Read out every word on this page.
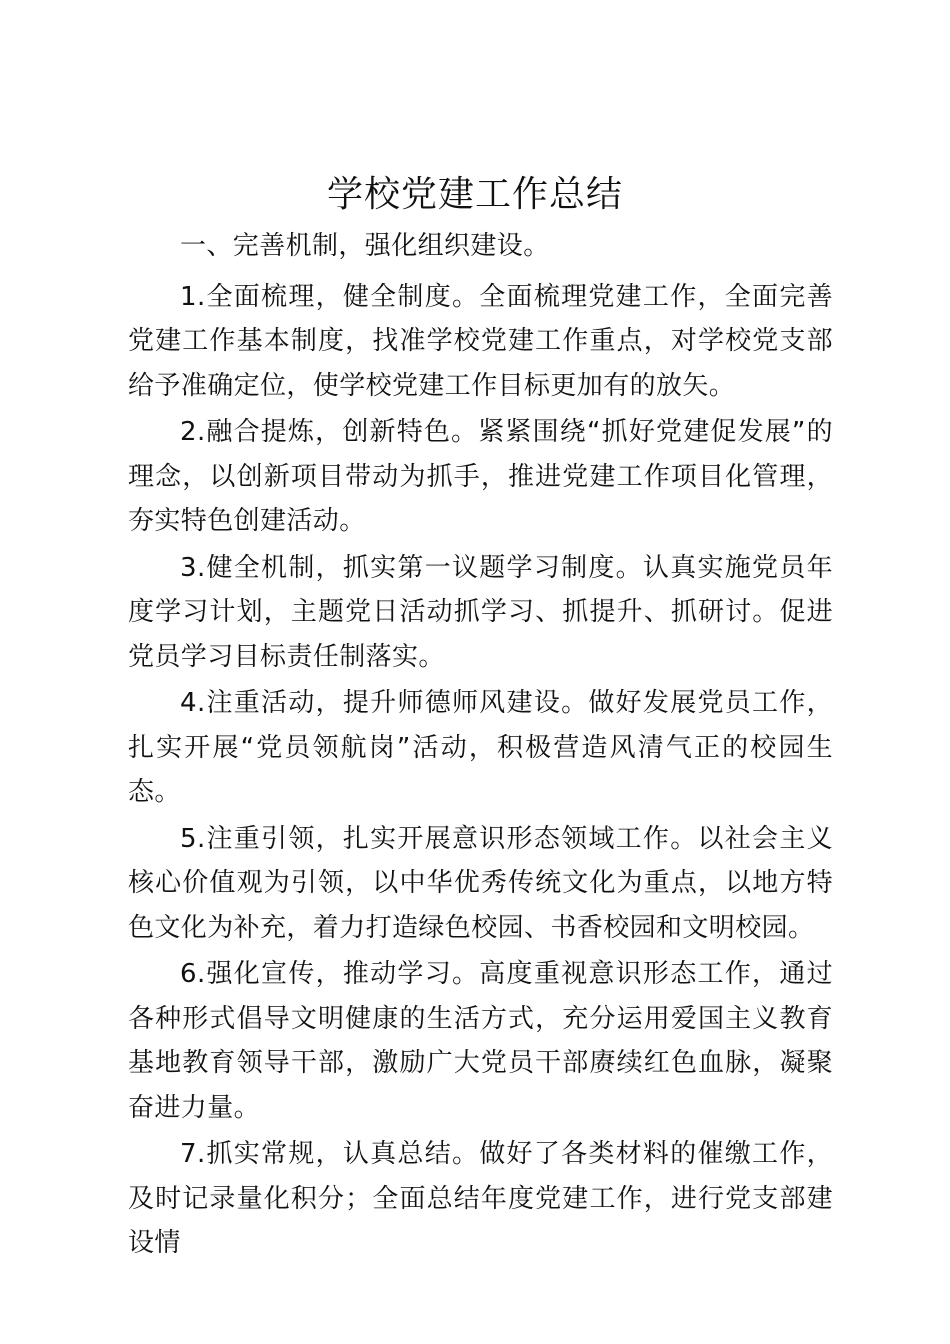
学校党建工作总结

一、完善机制，强化组织建设。

1.全面梳理，健全制度。全面梳理党建工作，全面完善党建工作基本制度，找准学校党建工作重点，对学校党支部给予准确定位，使学校党建工作目标更加有的放矢。

2.融合提炼，创新特色。紧紧围绕“抓好党建促发展”的理念，以创新项目带动为抓手，推进党建工作项目化管理，夯实特色创建活动。

3.健全机制，抓实第一议题学习制度。认真实施党员年度学习计划，主题党日活动抓学习、抓提升、抓研讨。促进党员学习目标责任制落实。

4.注重活动，提升师德师风建设。做好发展党员工作，扎实开展“党员领航岗”活动，积极营造风清气正的校园生态。

5.注重引领，扎实开展意识形态领域工作。以社会主义核心价值观为引领，以中华优秀传统文化为重点，以地方特色文化为补充，着力打造绿色校园、书香校园和文明校园。

6.强化宣传，推动学习。高度重视意识形态工作，通过各种形式倡导文明健康的生活方式，充分运用爱国主义教育基地教育领导干部，激励广大党员干部赓续红色血脉，凝聚奋进力量。

7.抓实常规，认真总结。做好了各类材料的催缴工作，及时记录量化积分；全面总结年度党建工作，进行党支部建设情
